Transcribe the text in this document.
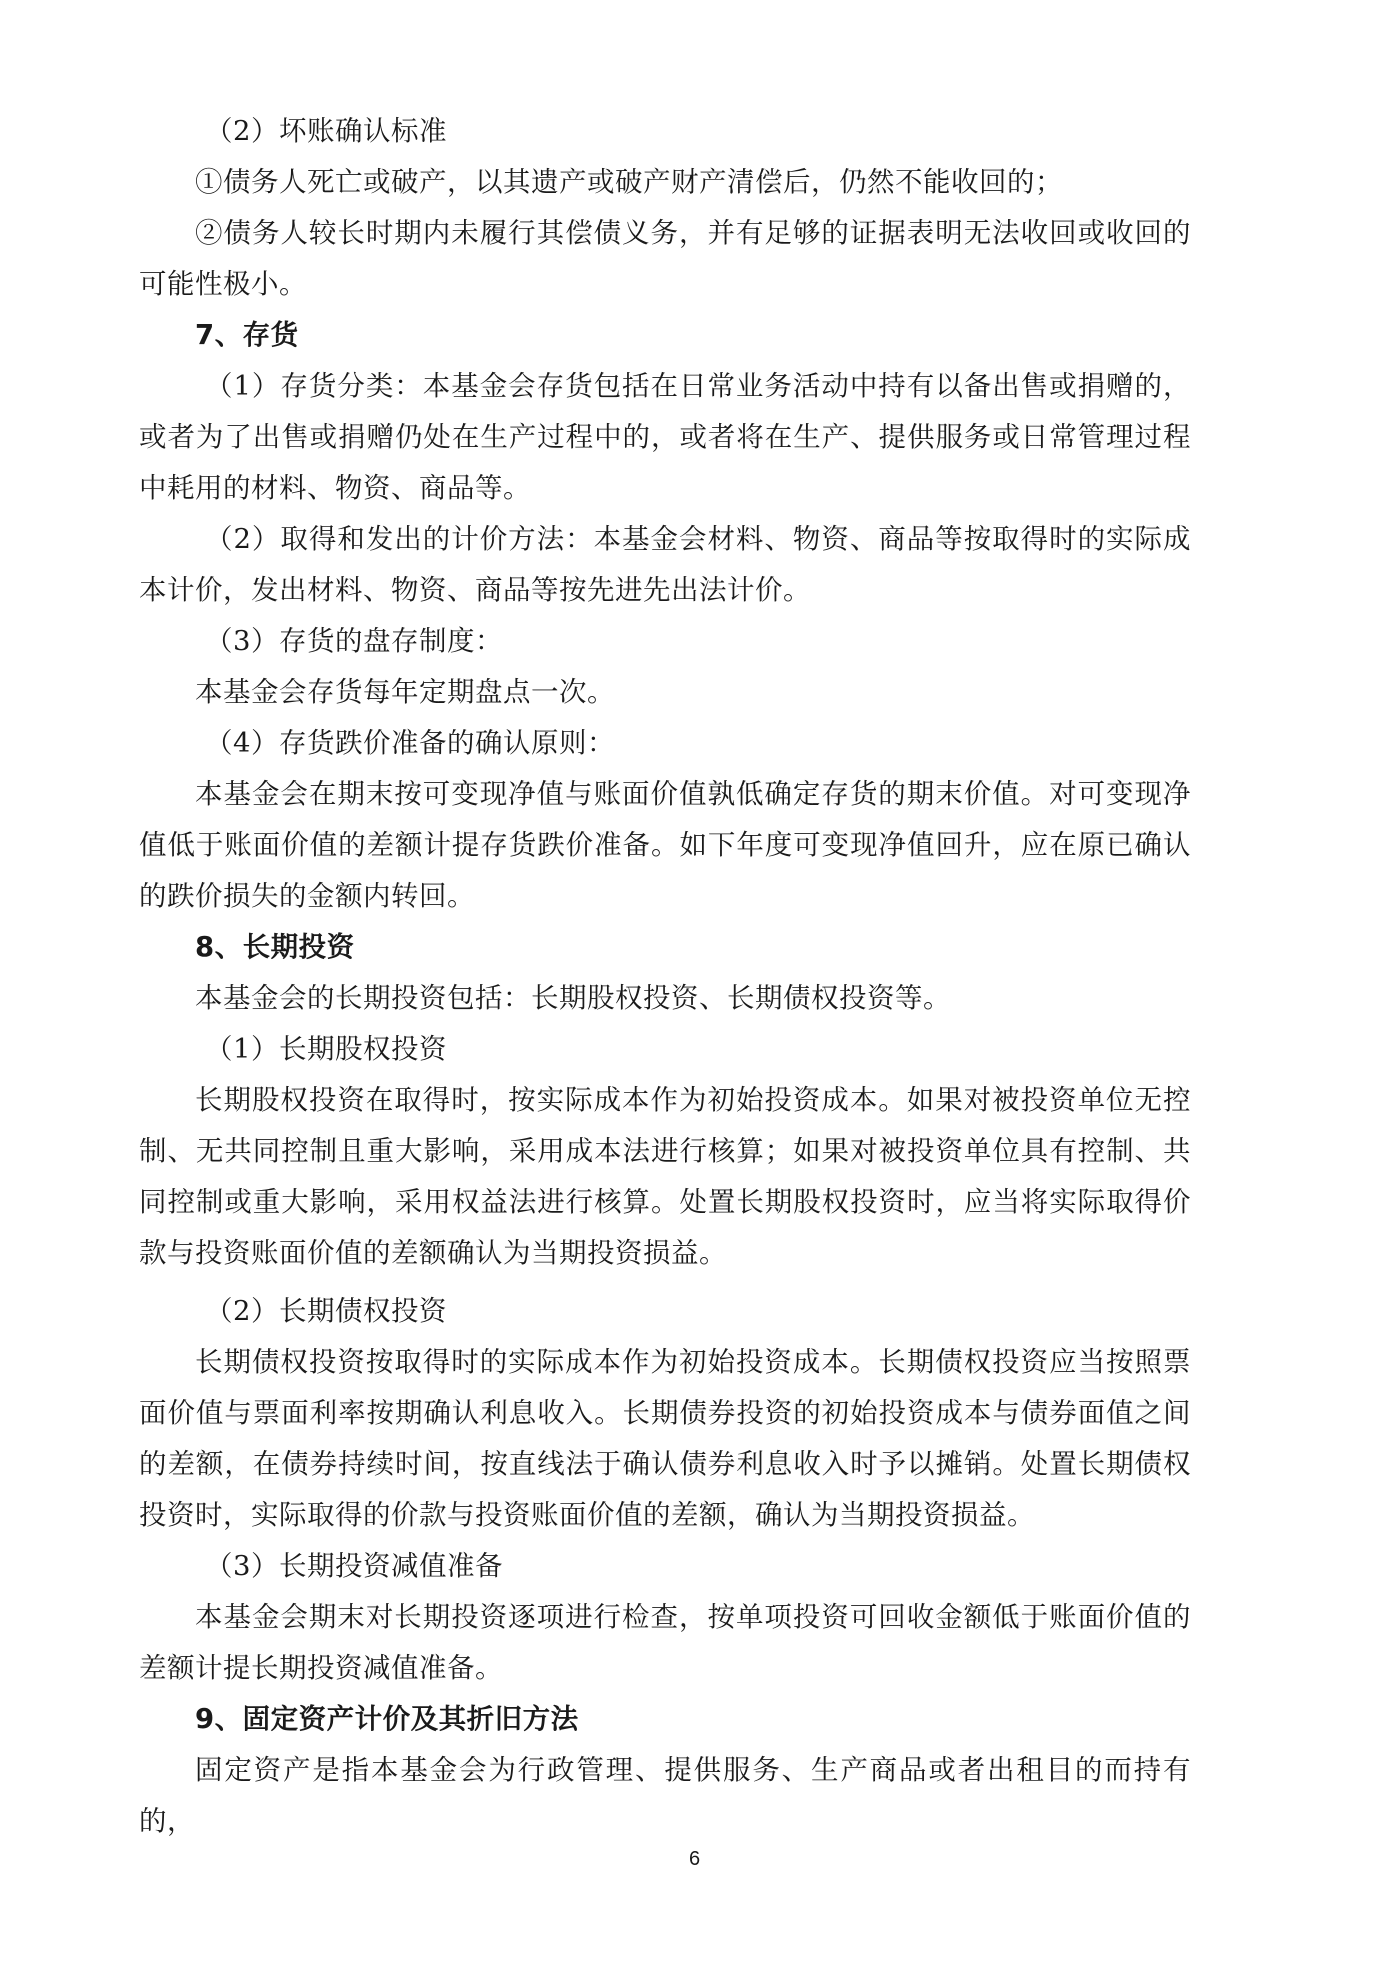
（2）坏账确认标准

①债务人死亡或破产，以其遗产或破产财产清偿后，仍然不能收回的；

②债务人较长时期内未履行其偿债义务，并有足够的证据表明无法收回或收回的可能性极小。

7、存货

（1）存货分类：本基金会存货包括在日常业务活动中持有以备出售或捐赠的，或者为了出售或捐赠仍处在生产过程中的，或者将在生产、提供服务或日常管理过程中耗用的材料、物资、商品等。

（2）取得和发出的计价方法：本基金会材料、物资、商品等按取得时的实际成本计价，发出材料、物资、商品等按先进先出法计价。

（3）存货的盘存制度：

本基金会存货每年定期盘点一次。

（4）存货跌价准备的确认原则：

本基金会在期末按可变现净值与账面价值孰低确定存货的期末价值。对可变现净值低于账面价值的差额计提存货跌价准备。如下年度可变现净值回升，应在原已确认的跌价损失的金额内转回。

8、长期投资

本基金会的长期投资包括：长期股权投资、长期债权投资等。

（1）长期股权投资

长期股权投资在取得时，按实际成本作为初始投资成本。如果对被投资单位无控制、无共同控制且重大影响，采用成本法进行核算；如果对被投资单位具有控制、共同控制或重大影响，采用权益法进行核算。处置长期股权投资时，应当将实际取得价款与投资账面价值的差额确认为当期投资损益。

（2）长期债权投资

长期债权投资按取得时的实际成本作为初始投资成本。长期债权投资应当按照票面价值与票面利率按期确认利息收入。长期债券投资的初始投资成本与债券面值之间的差额，在债券持续时间，按直线法于确认债券利息收入时予以摊销。处置长期债权投资时，实际取得的价款与投资账面价值的差额，确认为当期投资损益。

（3）长期投资减值准备

本基金会期末对长期投资逐项进行检查，按单项投资可回收金额低于账面价值的差额计提长期投资减值准备。

9、固定资产计价及其折旧方法

固定资产是指本基金会为行政管理、提供服务、生产商品或者出租目的而持有的，

6
